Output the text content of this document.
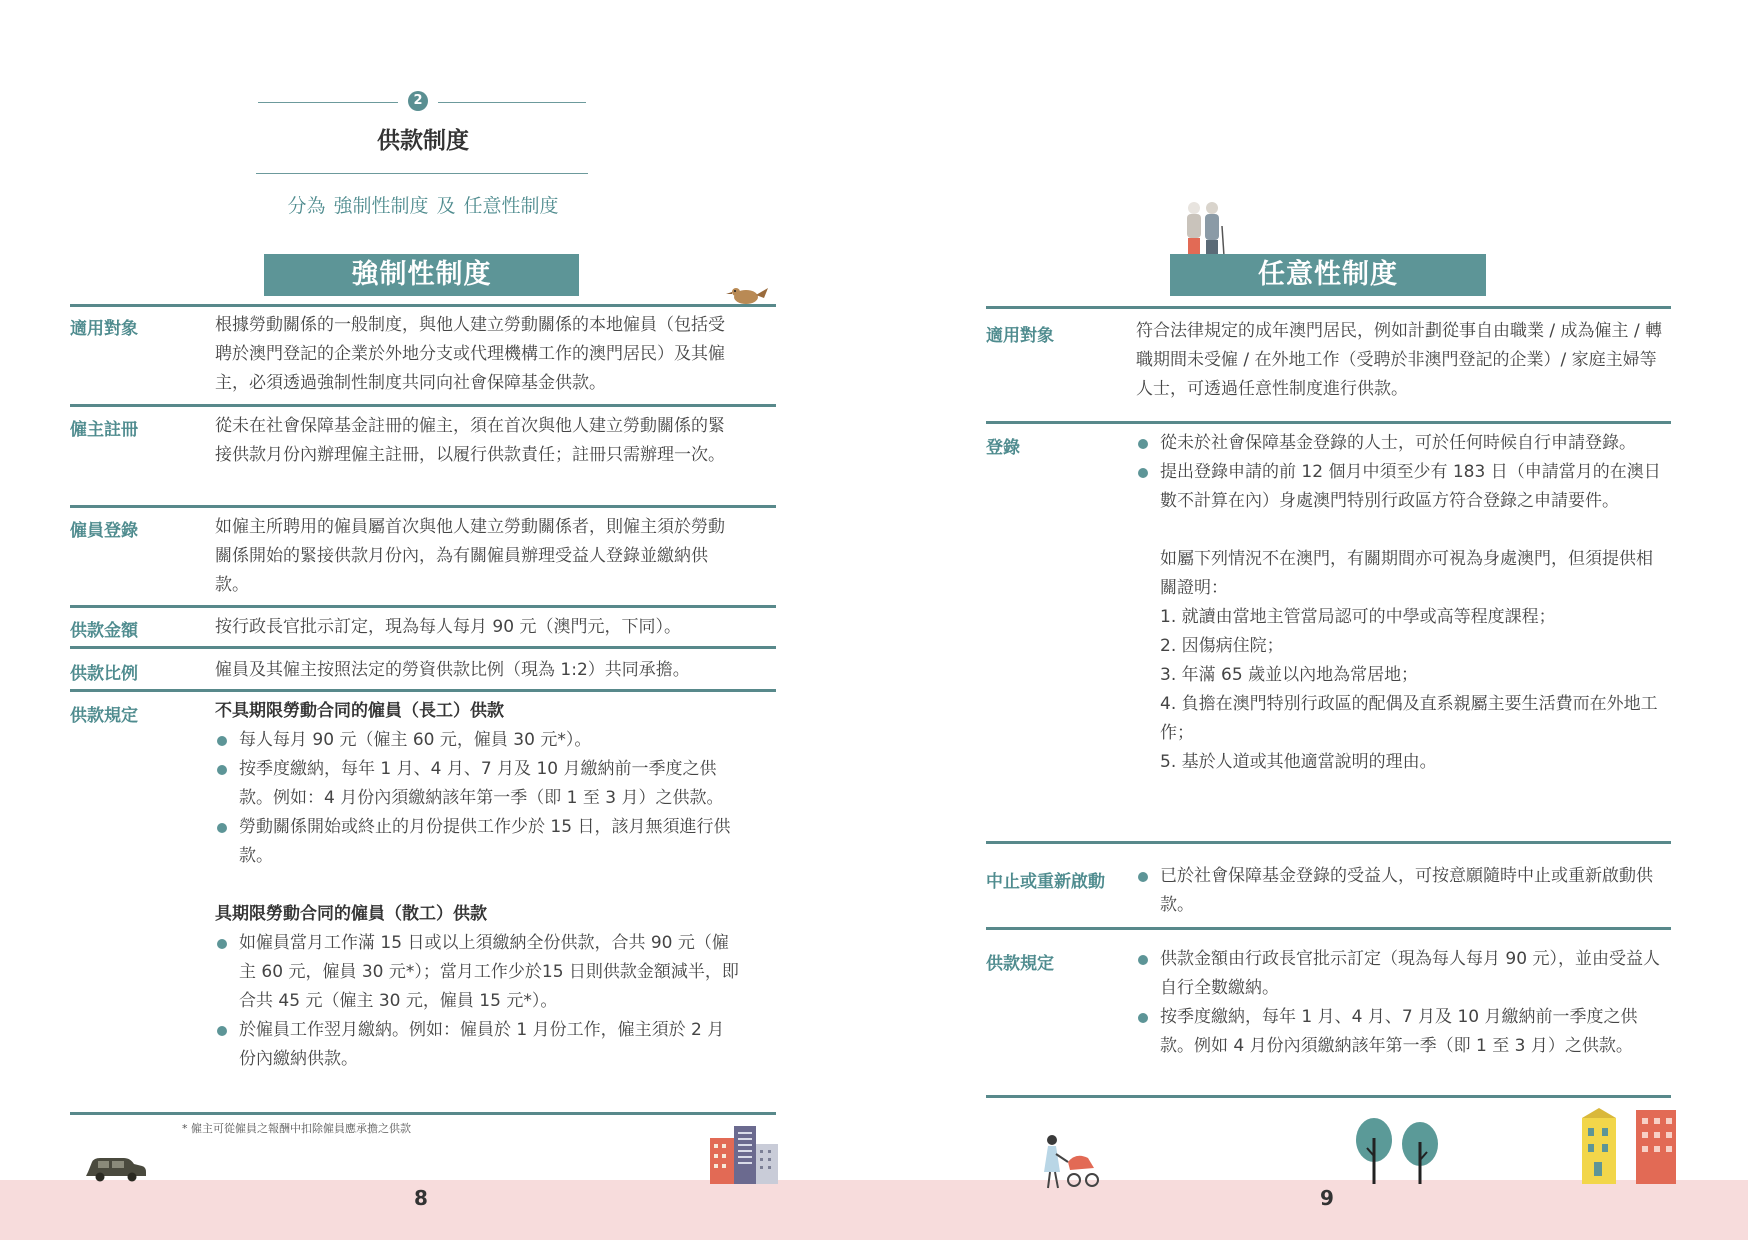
2
供款制度
分為 強制性制度 及 任意性制度
強制性制度
適用對象	根據勞動關係的一般制度，與他人建立勞動關係的本地僱員（包括受聘於澳門登記的企業於外地分支或代理機構工作的澳門居民）及其僱主，必須透過強制性制度共同向社會保障基金供款。
僱主註冊	從未在社會保障基金註冊的僱主，須在首次與他人建立勞動關係的緊接供款月份內辦理僱主註冊，以履行供款責任；註冊只需辦理一次。
僱員登錄	如僱主所聘用的僱員屬首次與他人建立勞動關係者，則僱主須於勞動關係開始的緊接供款月份內，為有關僱員辦理受益人登錄並繳納供款。
供款金額	按行政長官批示訂定，現為每人每月 90 元（澳門元，下同）。
供款比例	僱員及其僱主按照法定的勞資供款比例（現為 1:2）共同承擔。
供款規定	不具期限勞動合同的僱員（長工）供款

每人每月 90 元（僱主 60 元，僱員 30 元*）。

按季度繳納，每年 1 月、4 月、7 月及 10 月繳納前一季度之供款。例如：4 月份內須繳納該年第一季（即 1 至 3 月）之供款。

勞動關係開始或終止的月份提供工作少於 15 日，該月無須進行供款。

具期限勞動合同的僱員（散工）供款

如僱員當月工作滿 15 日或以上須繳納全份供款，合共 90 元（僱主 60 元，僱員 30 元*）；當月工作少於15 日則供款金額減半，即合共 45 元（僱主 30 元，僱員 15 元*）。

於僱員工作翌月繳納。例如：僱員於 1 月份工作，僱主須於 2 月份內繳納供款。

* 僱主可從僱員之報酬中扣除僱員應承擔之供款
8
任意性制度
適用對象	符合法律規定的成年澳門居民，例如計劃從事自由職業 / 成為僱主 / 轉職期間未受僱 / 在外地工作（受聘於非澳門登記的企業）/ 家庭主婦等人士，可透過任意性制度進行供款。
登錄	從未於社會保障基金登錄的人士，可於任何時候自行申請登錄。

提出登錄申請的前 12 個月中須至少有 183 日（申請當月的在澳日數不計算在內）身處澳門特別行政區方符合登錄之申請要件。

如屬下列情況不在澳門，有關期間亦可視為身處澳門，但須提供相關證明：

1. 就讀由當地主管當局認可的中學或高等程度課程；

2. 因傷病住院；

3. 年滿 65 歲並以內地為常居地；

4. 負擔在澳門特別行政區的配偶及直系親屬主要生活費而在外地工作；

5. 基於人道或其他適當說明的理由。

中止或重新啟動	已於社會保障基金登錄的受益人，可按意願隨時中止或重新啟動供款。

供款規定	供款金額由行政長官批示訂定（現為每人每月 90 元），並由受益人自行全數繳納。

按季度繳納，每年 1 月、4 月、7 月及 10 月繳納前一季度之供款。例如 4 月份內須繳納該年第一季（即 1 至 3 月）之供款。

9
